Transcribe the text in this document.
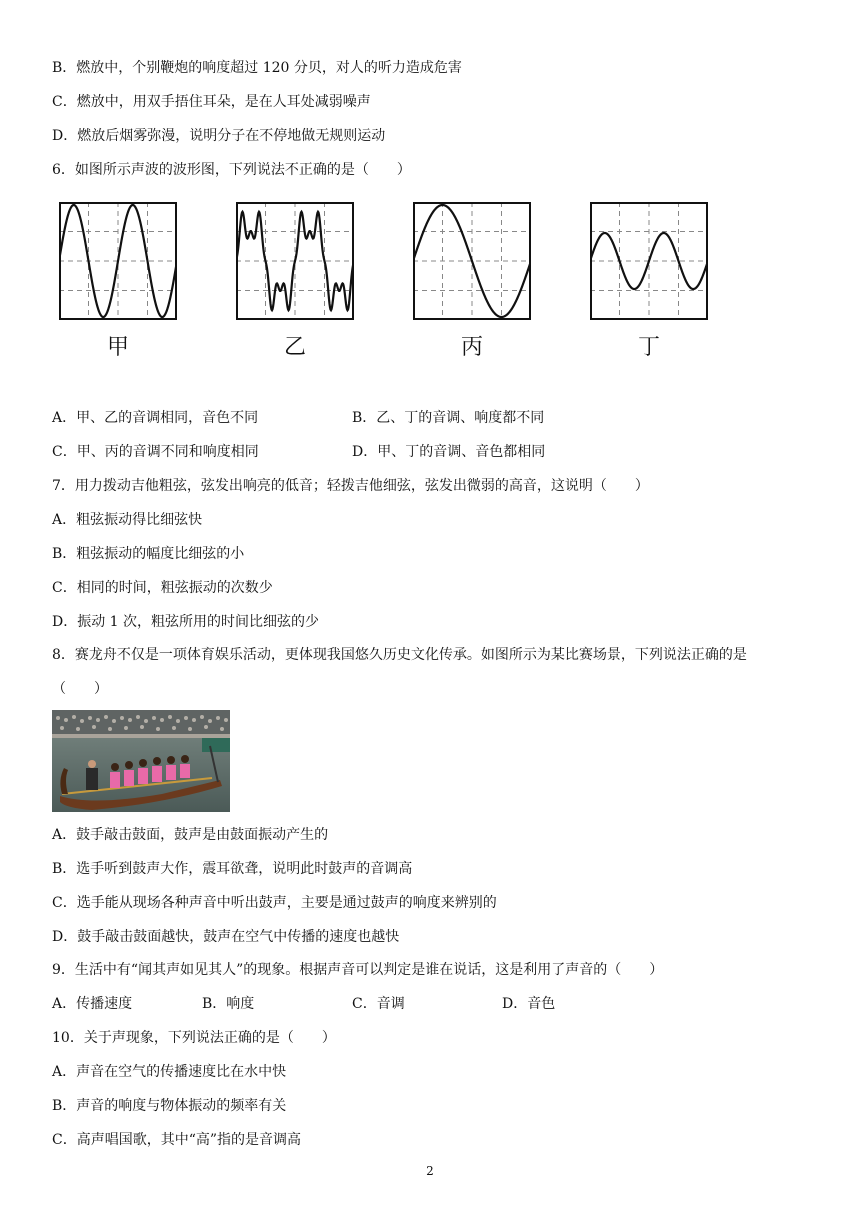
B．燃放中，个别鞭炮的响度超过 120 分贝，对人的听力造成危害
C．燃放中，用双手捂住耳朵，是在人耳处减弱噪声
D．燃放后烟雾弥漫，说明分子在不停地做无规则运动
6．如图所示声波的波形图，下列说法不正确的是（　　）
甲	乙	丙	丁
A．甲、乙的音调相同，音色不同	B．乙、丁的音调、响度都不同
C．甲、丙的音调不同和响度相同	D．甲、丁的音调、音色都相同
7．用力拨动吉他粗弦，弦发出响亮的低音；轻拨吉他细弦，弦发出微弱的高音，这说明（　　）
A．粗弦振动得比细弦快
B．粗弦振动的幅度比细弦的小
C．相同的时间，粗弦振动的次数少
D．振动 1 次，粗弦所用的时间比细弦的少
8．赛龙舟不仅是一项体育娱乐活动，更体现我国悠久历史文化传承。如图所示为某比赛场景，下列说法正确的是
（　　）
A．鼓手敲击鼓面，鼓声是由鼓面振动产生的
B．选手听到鼓声大作，震耳欲聋，说明此时鼓声的音调高
C．选手能从现场各种声音中听出鼓声，主要是通过鼓声的响度来辨别的
D．鼓手敲击鼓面越快，鼓声在空气中传播的速度也越快
9．生活中有“闻其声如见其人”的现象。根据声音可以判定是谁在说话，这是利用了声音的（　　）
A．传播速度	B．响度	C．音调	D．音色
10．关于声现象，下列说法正确的是（　　）
A．声音在空气的传播速度比在水中快
B．声音的响度与物体振动的频率有关
C．高声唱国歌，其中“高”指的是音调高
2
